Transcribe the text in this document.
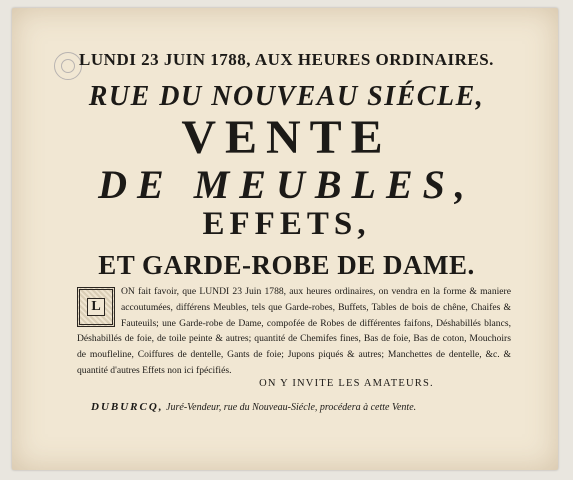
LUNDI 23 JUIN 1788, AUX HEURES ORDINAIRES.
RUE DU NOUVEAU SIÉCLE,
VENTE
DE MEUBLES,
EFFETS,
ET GARDE-ROBE DE DAME.
L
ON fait favoir, que LUNDI 23 Juin 1788, aux heures ordinaires, on vendra en la forme & maniere accoutumées, différens Meubles, tels que Garde-robes, Buffets, Tables de bois de chêne, Chaifes & Fauteuils; une Garde-robe de Dame, compofée de Robes de différentes faifons, Déshabillés blancs, Déshabillés de foie, de toile peinte & autres; quantité de Chemifes fines, Bas de foie, Bas de coton, Mouchoirs de moufleline, Coiffures de dentelle, Gants de foie; Jupons piqués & autres; Manchettes de dentelle, &c. & quantité d'autres Effets non ici fpécifiés.
ON Y INVITE LES AMATEURS.
DUBURCQ, Juré-Vendeur, rue du Nouveau-Siécle, procédera à cette Vente.
